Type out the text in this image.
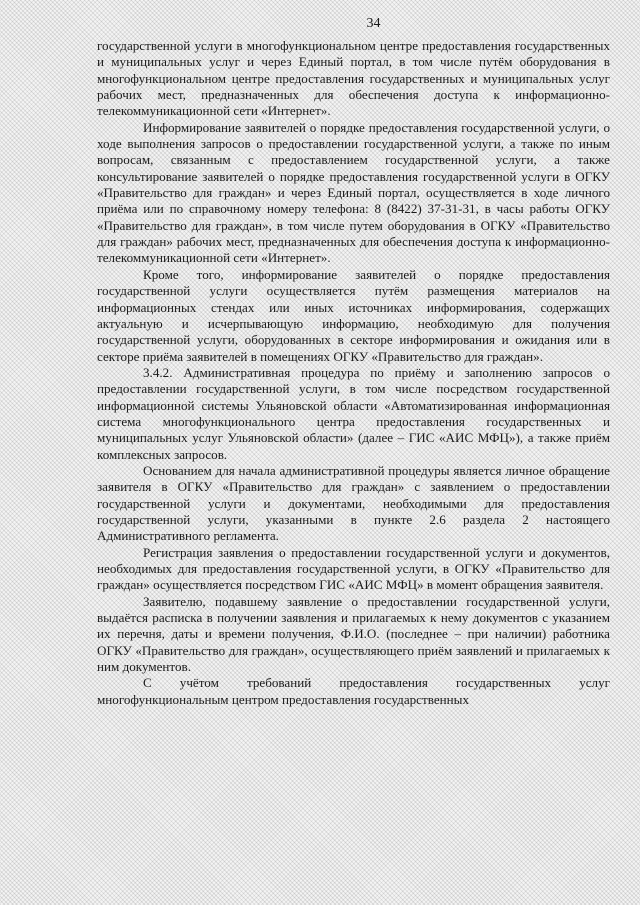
34

государственной услуги в многофункциональном центре предоставления государственных и муниципальных услуг и через Единый портал, в том числе путём оборудования в многофункциональном центре предоставления государственных и муниципальных услуг рабочих мест, предназначенных для обеспечения доступа к информационно-телекоммуникационной сети «Интернет».

Информирование заявителей о порядке предоставления государственной услуги, о ходе выполнения запросов о предоставлении государственной услуги, а также по иным вопросам, связанным с предоставлением государственной услуги, а также консультирование заявителей о порядке предоставления государственной услуги в ОГКУ «Правительство для граждан» и через Единый портал, осуществляется в ходе личного приёма или по справочному номеру телефона: 8 (8422) 37-31-31, в часы работы ОГКУ «Правительство для граждан», в том числе путем оборудования в ОГКУ «Правительство для граждан» рабочих мест, предназначенных для обеспечения доступа к информационно-телекоммуникационной сети «Интернет».

Кроме того, информирование заявителей о порядке предоставления государственной услуги осуществляется путём размещения материалов на информационных стендах или иных источниках информирования, содержащих актуальную и исчерпывающую информацию, необходимую для получения государственной услуги, оборудованных в секторе информирования и ожидания или в секторе приёма заявителей в помещениях ОГКУ «Правительство для граждан».

3.4.2. Административная процедура по приёму и заполнению запросов о предоставлении государственной услуги, в том числе посредством государственной информационной системы Ульяновской области «Автоматизированная информационная система многофункционального центра предоставления государственных и муниципальных услуг Ульяновской области» (далее – ГИС «АИС МФЦ»), а также приём комплексных запросов.

Основанием для начала административной процедуры является личное обращение заявителя в ОГКУ «Правительство для граждан» с заявлением о предоставлении государственной услуги и документами, необходимыми для предоставления государственной услуги, указанными в пункте 2.6 раздела 2 настоящего Административного регламента.

Регистрация заявления о предоставлении государственной услуги и документов, необходимых для предоставления государственной услуги, в ОГКУ «Правительство для граждан» осуществляется посредством ГИС «АИС МФЦ» в момент обращения заявителя.

Заявителю, подавшему заявление о предоставлении государственной услуги, выдаётся расписка в получении заявления и прилагаемых к нему документов с указанием их перечня, даты и времени получения, Ф.И.О. (последнее – при наличии) работника ОГКУ «Правительство для граждан», осуществляющего приём заявлений и прилагаемых к ним документов.

С учётом требований предоставления государственных услуг многофункциональным центром предоставления государственных
